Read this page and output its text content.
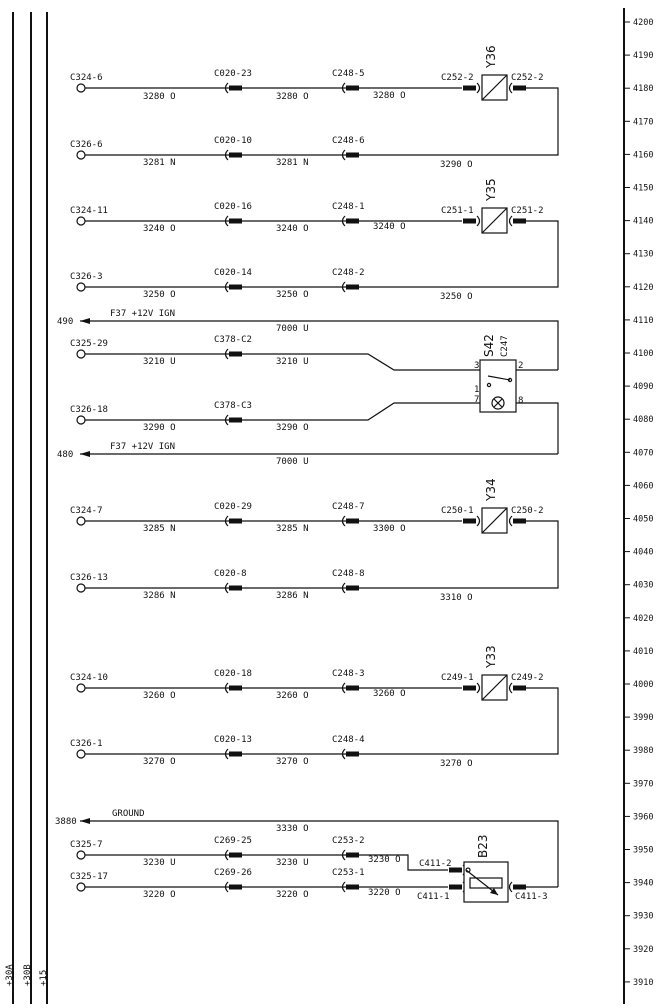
+30A +30B +15
4200
4190
4180
4170
4160
4150
4140
4130
4120
4110
4100
4090
4080
4070
4060
4050
4040
4030
4020
4010
4000
3990
3980
3970
3960
3950
3940
3930
3920
3910
C324-6	C020-23	C248-5	C252-2
3280 O	3280 O	3280 O
Y36
C252-2
C326-6	C020-10	C248-6
3281 N	3281 N	3290 O
C324-11	C020-16	C248-1	C251-1
3240 O	3240 O	3240 O
Y35
C251-2
C326-3	C020-14	C248-2
3250 O	3250 O	3250 O
490
F37 +12V IGN
7000 U
C325-29	C378-C2
3210 U	3210 U
S42 C247
3
1
7
2
8
C326-18	C378-C3
3290 O	3290 O
480
F37 +12V IGN
7000 U
C324-7	C020-29	C248-7	C250-1
3285 N	3285 N	3300 O
Y34
C250-2
C326-13	C020-8	C248-8
3286 N	3286 N	3310 O
C324-10	C020-18	C248-3	C249-1
3260 O	3260 O	3260 O
Y33
C249-2
C326-1	C020-13	C248-4
3270 O	3270 O	3270 O
3880
GROUND
3330 O
C325-7	C269-25	C253-2
3230 U	3230 U	3230 O C411-2
C325-17	C269-26	C253-1
3220 O	3220 O	3220 O C411-1
B23
C411-3
